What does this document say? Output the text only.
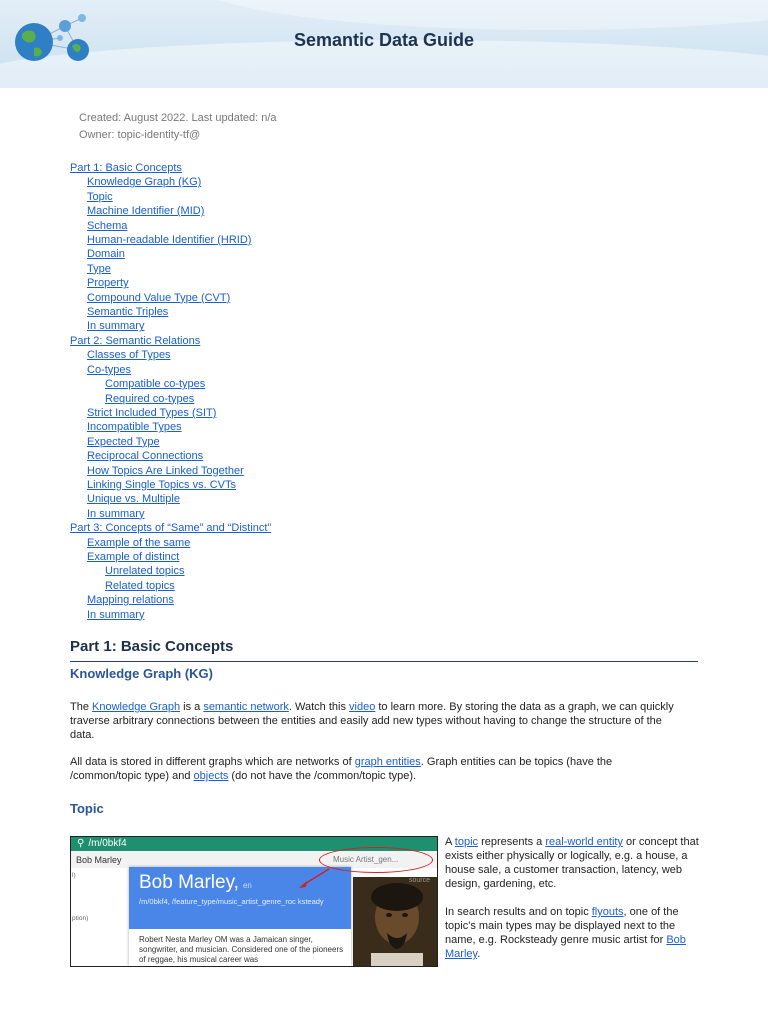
Semantic Data Guide
Created: August 2022. Last updated: n/a
Owner: topic-identity-tf@
Part 1: Basic Concepts
Knowledge Graph (KG)
Topic
Machine Identifier (MID)
Schema
Human-readable Identifier (HRID)
Domain
Type
Property
Compound Value Type (CVT)
Semantic Triples
In summary
Part 2: Semantic Relations
Classes of Types
Co-types
Compatible co-types
Required co-types
Strict Included Types (SIT)
Incompatible Types
Expected Type
Reciprocal Connections
How Topics Are Linked Together
Linking Single Topics vs. CVTs
Unique vs. Multiple
In summary
Part 3: Concepts of “Same” and “Distinct”
Example of the same
Example of distinct
Unrelated topics
Related topics
Mapping relations
In summary
Part 1: Basic Concepts
Knowledge Graph (KG)
The Knowledge Graph is a semantic network. Watch this video to learn more. By storing the data as a graph, we can quickly traverse arbitrary connections between the entities and easily add new types without having to change the structure of the data.
All data is stored in different graphs which are networks of graph entities. Graph entities can be topics (have the /common/topic type) and objects (do not have the /common/topic type).
Topic
⚲ /m/0bkf4
Bob Marley	Music Artist_gen...
l)
ption)
Bob Marley, en
/m/0bkf4, /feature_type/music_artist_genre_roc ksteady
Robert Nesta Marley OM was a Jamaican singer, songwriter, and musician. Considered one of the pioneers of reggae, his musical career was
source
A topic represents a real-world entity or concept that exists either physically or logically, e.g. a house, a house sale, a customer transaction, latency, web design, gardening, etc.
In search results and on topic flyouts, one of the topic's main types may be displayed next to the name, e.g. Rocksteady genre music artist for Bob Marley.
